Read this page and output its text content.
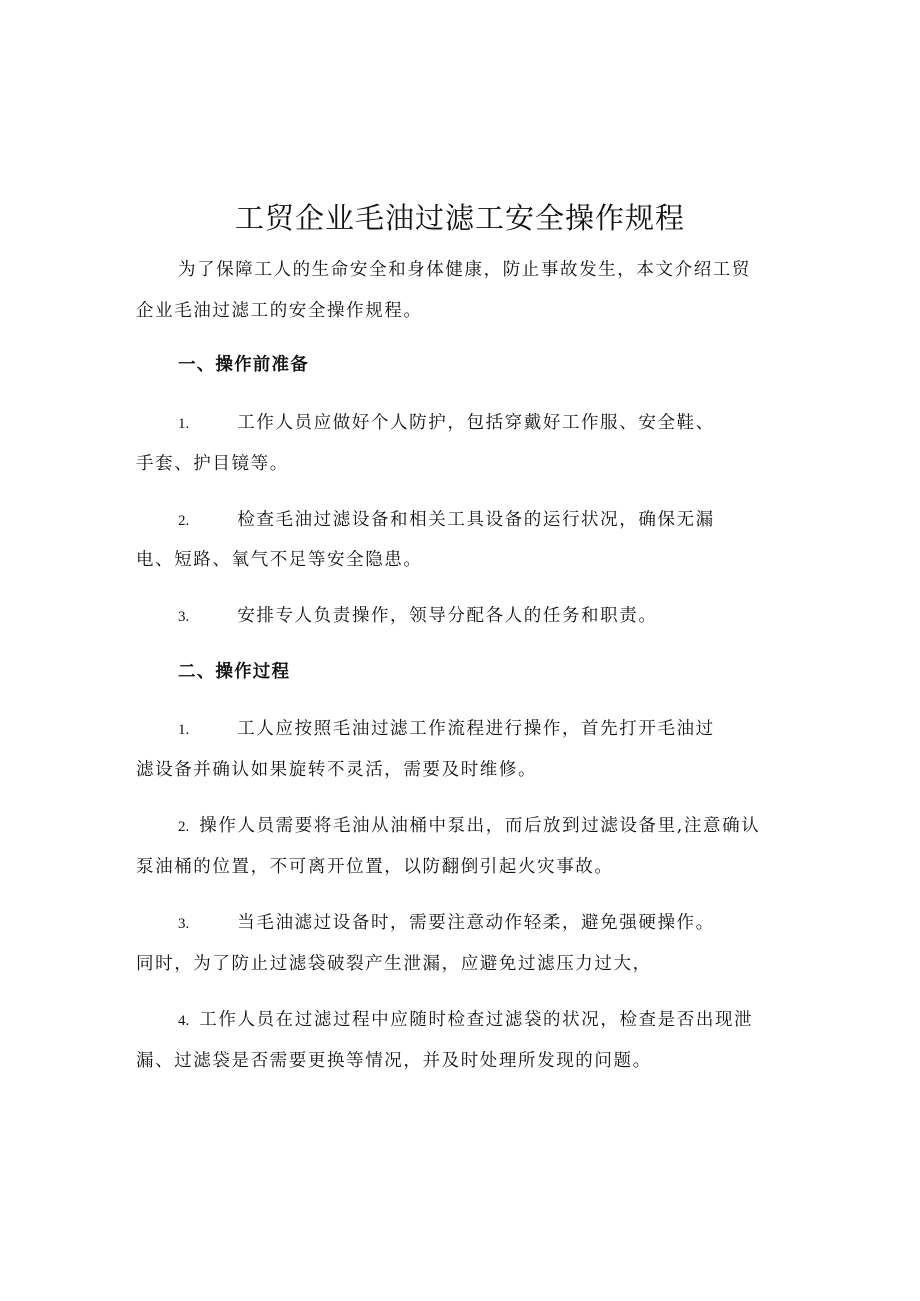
工贸企业毛油过滤工安全操作规程
为了保障工人的生命安全和身体健康，防止事故发生，本文介绍工贸
企业毛油过滤工的安全操作规程。
一、操作前准备
1.	工作人员应做好个人防护，包括穿戴好工作服、安全鞋、
手套、护目镜等。
2.	检查毛油过滤设备和相关工具设备的运行状况，确保无漏
电、短路、氧气不足等安全隐患。
3.	安排专人负责操作，领导分配各人的任务和职责。
二、操作过程
1.	工人应按照毛油过滤工作流程进行操作，首先打开毛油过
滤设备并确认如果旋转不灵活，需要及时维修。
2. 操作人员需要将毛油从油桶中泵出，而后放到过滤设备里,注意确认
泵油桶的位置，不可离开位置，以防翻倒引起火灾事故。
3.	当毛油滤过设备时，需要注意动作轻柔，避免强硬操作。
同时，为了防止过滤袋破裂产生泄漏，应避免过滤压力过大，
4. 工作人员在过滤过程中应随时检查过滤袋的状况，检查是否出现泄
漏、过滤袋是否需要更换等情况，并及时处理所发现的问题。
